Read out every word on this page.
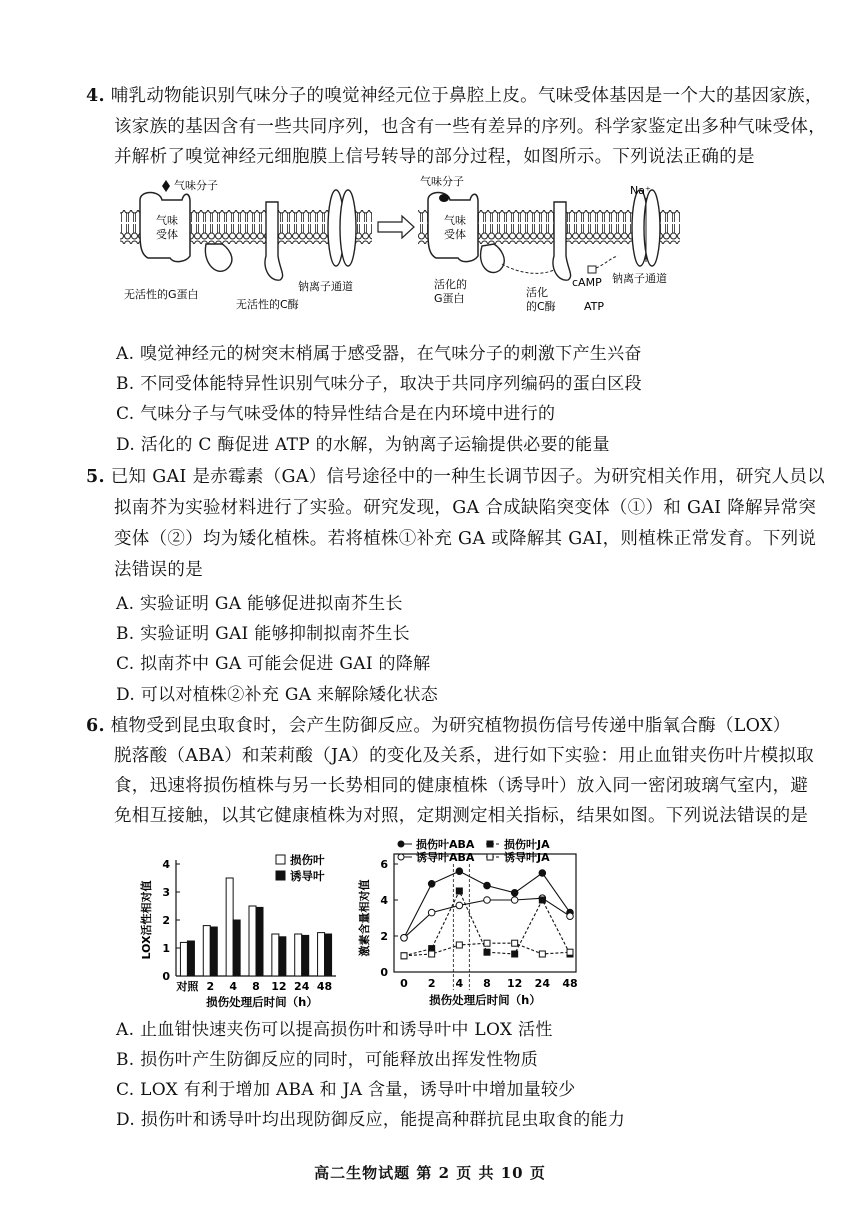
4. 哺乳动物能识别气味分子的嗅觉神经元位于鼻腔上皮。气味受体基因是一个大的基因家族，
该家族的基因含有一些共同序列，也含有一些有差异的序列。科学家鉴定出多种气味受体，
并解析了嗅觉神经元细胞膜上信号转导的部分过程，如图所示。下列说法正确的是
气味
受体
气味分子
无活性的G蛋白
无活性的C酶
钠离子通道
气味
受体
气味分子
Na⁺
活化的
G蛋白	活化
的C酶
cAMP
ATP
钠离子通道
A. 嗅觉神经元的树突末梢属于感受器，在气味分子的刺激下产生兴奋
B. 不同受体能特异性识别气味分子，取决于共同序列编码的蛋白区段
C. 气味分子与气味受体的特异性结合是在内环境中进行的
D. 活化的 C 酶促进 ATP 的水解，为钠离子运输提供必要的能量
5. 已知 GAI 是赤霉素（GA）信号途径中的一种生长调节因子。为研究相关作用，研究人员以
拟南芥为实验材料进行了实验。研究发现，GA 合成缺陷突变体（①）和 GAI 降解异常突
变体（②）均为矮化植株。若将植株①补充 GA 或降解其 GAI，则植株正常发育。下列说
法错误的是
A. 实验证明 GA 能够促进拟南芥生长
B. 实验证明 GAI 能够抑制拟南芥生长
C. 拟南芥中 GA 可能会促进 GAI 的降解
D. 可以对植株②补充 GA 来解除矮化状态
6. 植物受到昆虫取食时，会产生防御反应。为研究植物损伤信号传递中脂氧合酶（LOX）
脱落酸（ABA）和茉莉酸（JA）的变化及关系，进行如下实验：用止血钳夹伤叶片模拟取
食，迅速将损伤植株与另一长势相同的健康植株（诱导叶）放入同一密闭玻璃气室内，避
免相互接触，以其它健康植株为对照，定期测定相关指标，结果如图。下列说法错误的是
0
1
2
3
4
LOX活性相对值
对照 2 4 8 12 24 48
损伤处理后时间（h）
损伤叶
诱导叶
0
2
4
6
激素含量相对值
0 2 4 8 12 24 48
损伤处理后时间（h）
损伤叶ABA	损伤叶JA
诱导叶ABA	诱导叶JA
A. 止血钳快速夹伤可以提高损伤叶和诱导叶中 LOX 活性
B. 损伤叶产生防御反应的同时，可能释放出挥发性物质
C. LOX 有利于增加 ABA 和 JA 含量，诱导叶中增加量较少
D. 损伤叶和诱导叶均出现防御反应，能提高种群抗昆虫取食的能力
高二生物试题 第 2 页 共 10 页
